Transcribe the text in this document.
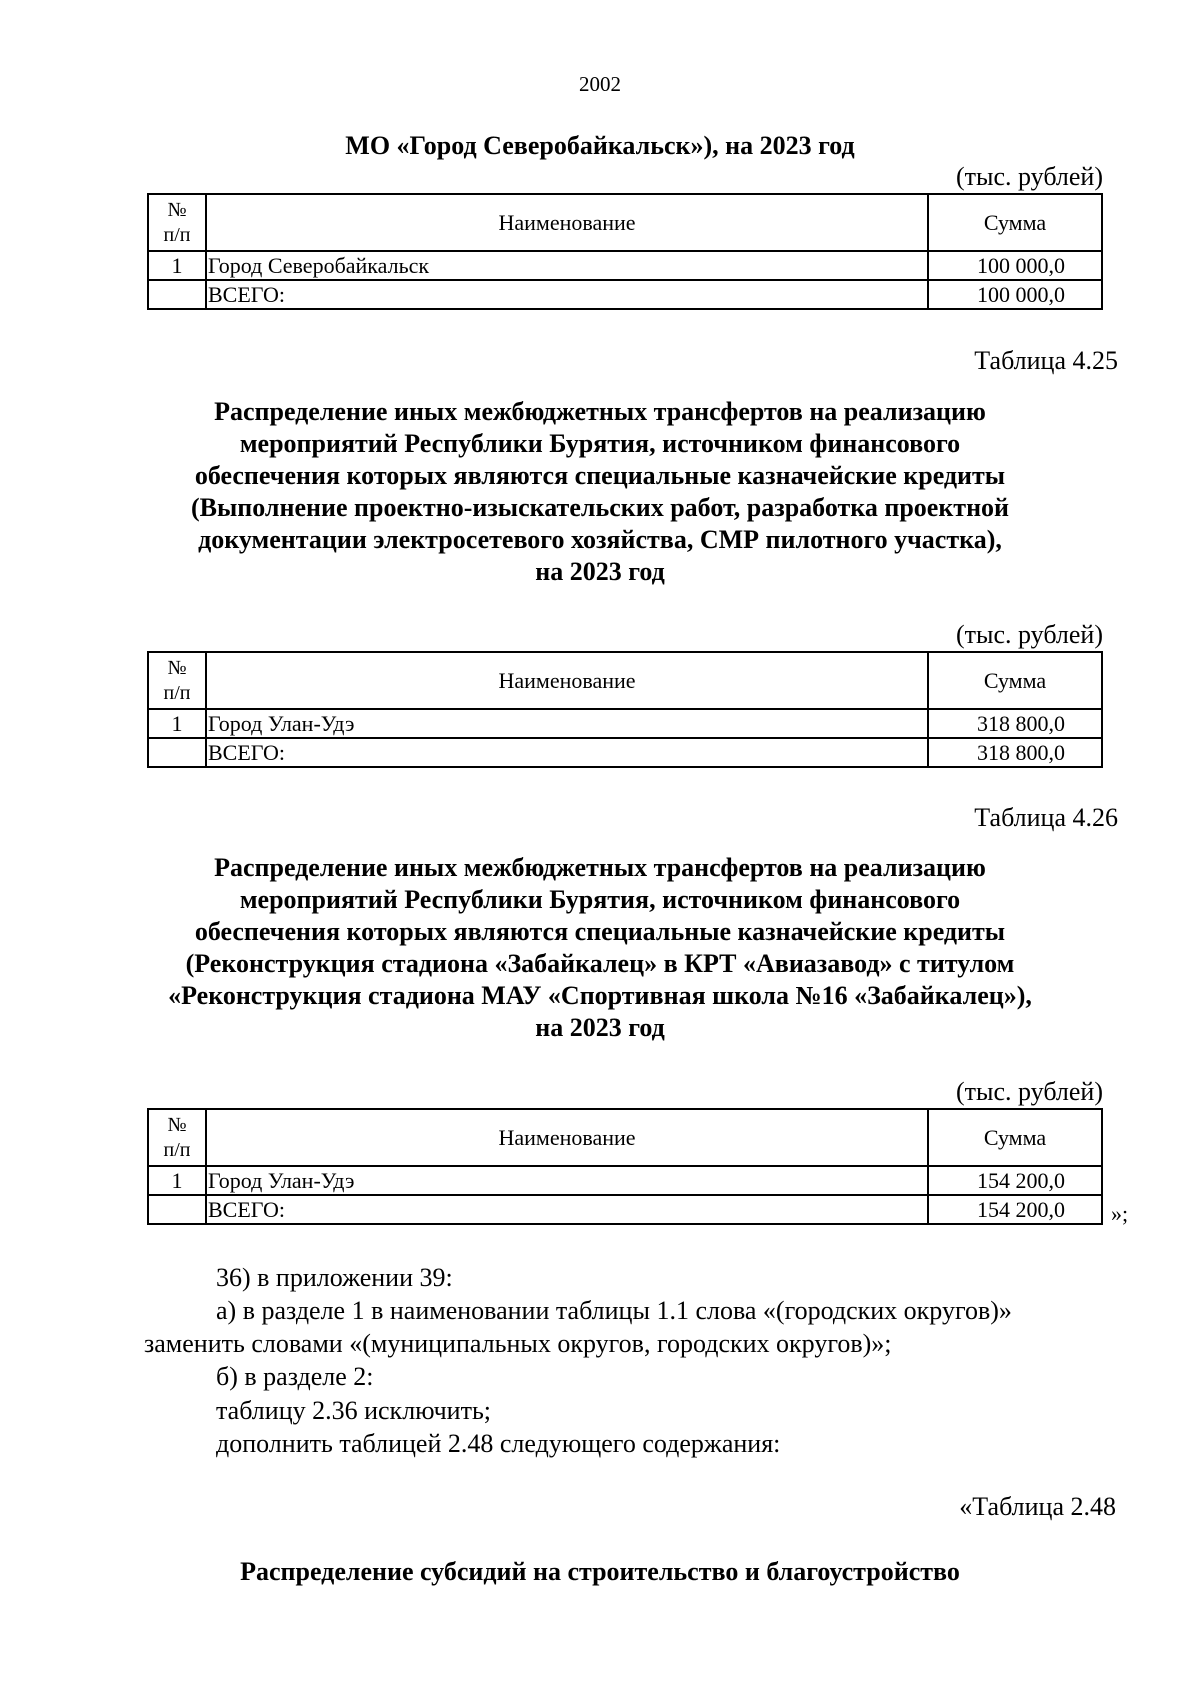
2002
МО «Город Северобайкальск»), на 2023 год
(тыс. рублей)
№
п/п	Наименование	Сумма
1	Город Северобайкальск	100 000,0
	ВСЕГО:	100 000,0
Таблица 4.25
Распределение иных межбюджетных трансфертов на реализацию
мероприятий Республики Бурятия, источником финансового
обеспечения которых являются специальные казначейские кредиты
(Выполнение проектно-изыскательских работ, разработка проектной
документации электросетевого хозяйства, СМР пилотного участка),
на 2023 год
(тыс. рублей)
№
п/п	Наименование	Сумма
1	Город Улан-Удэ	318 800,0
	ВСЕГО:	318 800,0
Таблица 4.26
Распределение иных межбюджетных трансфертов на реализацию
мероприятий Республики Бурятия, источником финансового
обеспечения которых являются специальные казначейские кредиты
(Реконструкция стадиона «Забайкалец» в КРТ «Авиазавод» с титулом
«Реконструкция стадиона МАУ «Спортивная школа №16 «Забайкалец»),
на 2023 год
(тыс. рублей)
№
п/п	Наименование	Сумма
1	Город Улан-Удэ	154 200,0
	ВСЕГО:	154 200,0 »;
36) в приложении 39:
а) в разделе 1 в наименовании таблицы 1.1 слова «(городских округов)»
заменить словами «(муниципальных округов, городских округов)»;
б) в разделе 2:
таблицу 2.36 исключить;
дополнить таблицей 2.48 следующего содержания:
«Таблица 2.48
Распределение субсидий на строительство и благоустройство
